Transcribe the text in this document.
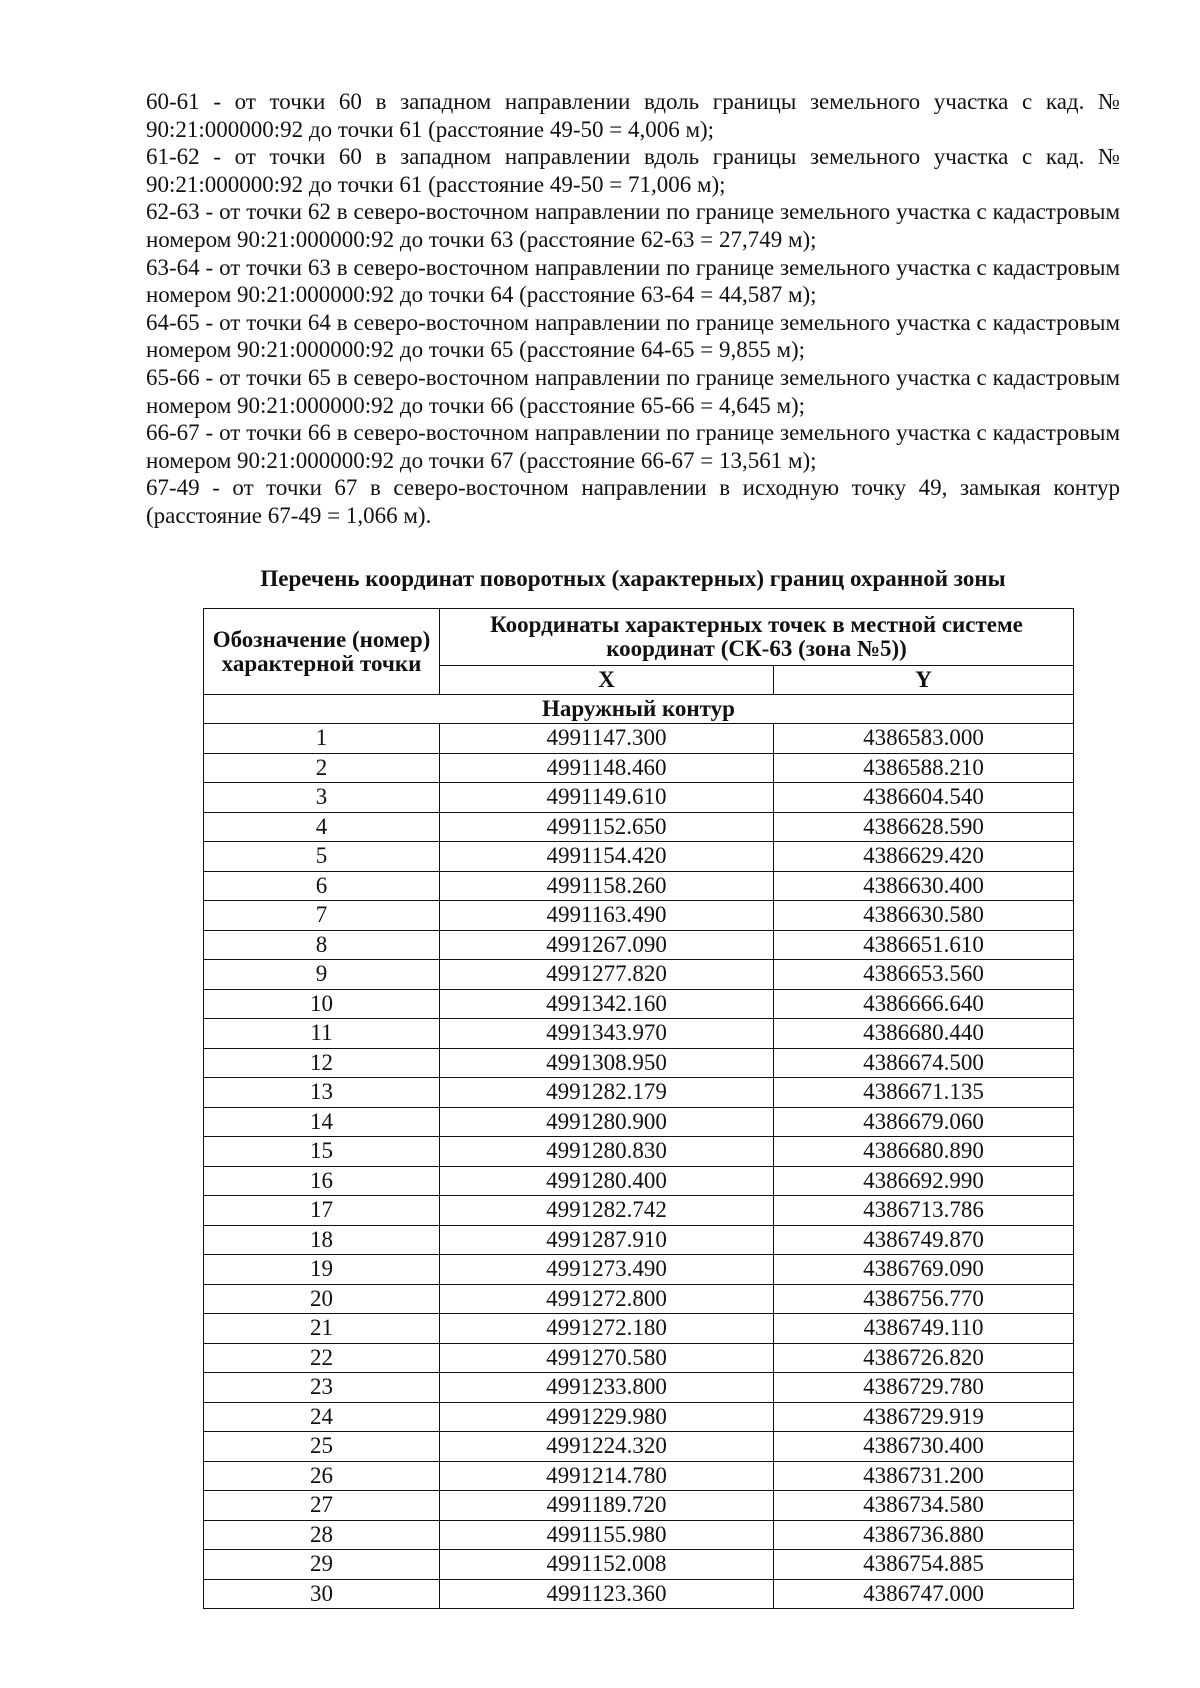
60-61 - от точки 60 в западном направлении вдоль границы земельного участка с кад. № 90:21:000000:92 до точки 61 (расстояние 49-50 = 4,006 м);

61-62 - от точки 60 в западном направлении вдоль границы земельного участка с кад. № 90:21:000000:92 до точки 61 (расстояние 49-50 = 71,006 м);

62-63 - от точки 62 в северо-восточном направлении по границе земельного участка с кадастровым номером 90:21:000000:92 до точки 63 (расстояние 62-63 = 27,749 м);

63-64 - от точки 63 в северо-восточном направлении по границе земельного участка с кадастровым номером 90:21:000000:92 до точки 64 (расстояние 63-64 = 44,587 м);

64-65 - от точки 64 в северо-восточном направлении по границе земельного участка с кадастровым номером 90:21:000000:92 до точки 65 (расстояние 64-65 = 9,855 м);

65-66 - от точки 65 в северо-восточном направлении по границе земельного участка с кадастровым номером 90:21:000000:92 до точки 66 (расстояние 65-66 = 4,645 м);

66-67 - от точки 66 в северо-восточном направлении по границе земельного участка с кадастровым номером 90:21:000000:92 до точки 67 (расстояние 66-67 = 13,561 м);

67-49 - от точки 67 в северо-восточном направлении в исходную точку 49, замыкая контур (расстояние 67-49 = 1,066 м).

Перечень координат поворотных (характерных) границ охранной зоны
Обозначение (номер) характерной точки	Координаты характерных точек в местной системе координат (СК-63 (зона №5))	
	X	Y
Наружный контур		
1	4991147.300	4386583.000
2	4991148.460	4386588.210
3	4991149.610	4386604.540
4	4991152.650	4386628.590
5	4991154.420	4386629.420
6	4991158.260	4386630.400
7	4991163.490	4386630.580
8	4991267.090	4386651.610
9	4991277.820	4386653.560
10	4991342.160	4386666.640
11	4991343.970	4386680.440
12	4991308.950	4386674.500
13	4991282.179	4386671.135
14	4991280.900	4386679.060
15	4991280.830	4386680.890
16	4991280.400	4386692.990
17	4991282.742	4386713.786
18	4991287.910	4386749.870
19	4991273.490	4386769.090
20	4991272.800	4386756.770
21	4991272.180	4386749.110
22	4991270.580	4386726.820
23	4991233.800	4386729.780
24	4991229.980	4386729.919
25	4991224.320	4386730.400
26	4991214.780	4386731.200
27	4991189.720	4386734.580
28	4991155.980	4386736.880
29	4991152.008	4386754.885
30	4991123.360	4386747.000
